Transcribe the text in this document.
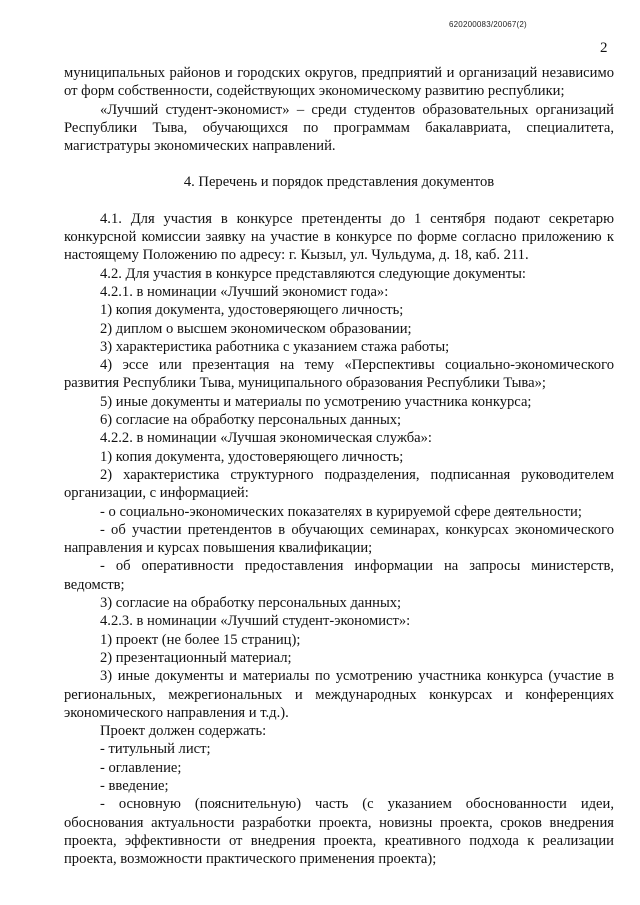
620200083/20067(2)
2

муниципальных районов и городских округов, предприятий и организаций независимо от форм собственности, содействующих экономическому развитию республики;

«Лучший студент-экономист» – среди студентов образовательных организаций Республики Тыва, обучающихся по программам бакалавриата, специалитета, магистратуры экономических направлений.

4. Перечень и порядок представления документов

4.1. Для участия в конкурсе претенденты до 1 сентября подают секретарю конкурсной комиссии заявку на участие в конкурсе по форме согласно приложению к настоящему Положению по адресу: г. Кызыл, ул. Чульдума, д. 18, каб. 211.

4.2. Для участия в конкурсе представляются следующие документы:

4.2.1. в номинации «Лучший экономист года»:

1) копия документа, удостоверяющего личность;

2) диплом о высшем экономическом образовании;

3) характеристика работника с указанием стажа работы;

4) эссе или презентация на тему «Перспективы социально-экономического развития Республики Тыва, муниципального образования Республики Тыва»;

5) иные документы и материалы по усмотрению участника конкурса;

6) согласие на обработку персональных данных;

4.2.2. в номинации «Лучшая экономическая служба»:

1) копия документа, удостоверяющего личность;

2) характеристика структурного подразделения, подписанная руководителем организации, с информацией:

- о социально-экономических показателях в курируемой сфере деятельности;

- об участии претендентов в обучающих семинарах, конкурсах экономического направления и курсах повышения квалификации;

- об оперативности предоставления информации на запросы министерств, ведомств;

3) согласие на обработку персональных данных;

4.2.3. в номинации «Лучший студент-экономист»:

1) проект (не более 15 страниц);

2) презентационный материал;

3) иные документы и материалы по усмотрению участника конкурса (участие в региональных, межрегиональных и международных конкурсах и конференциях экономического направления и т.д.).

Проект должен содержать:

- титульный лист;

- оглавление;

- введение;

- основную (пояснительную) часть (с указанием обоснованности идеи, обоснования актуальности разработки проекта, новизны проекта, сроков внедрения проекта, эффективности от внедрения проекта, креативного подхода к реализации проекта, возможности практического применения проекта);
